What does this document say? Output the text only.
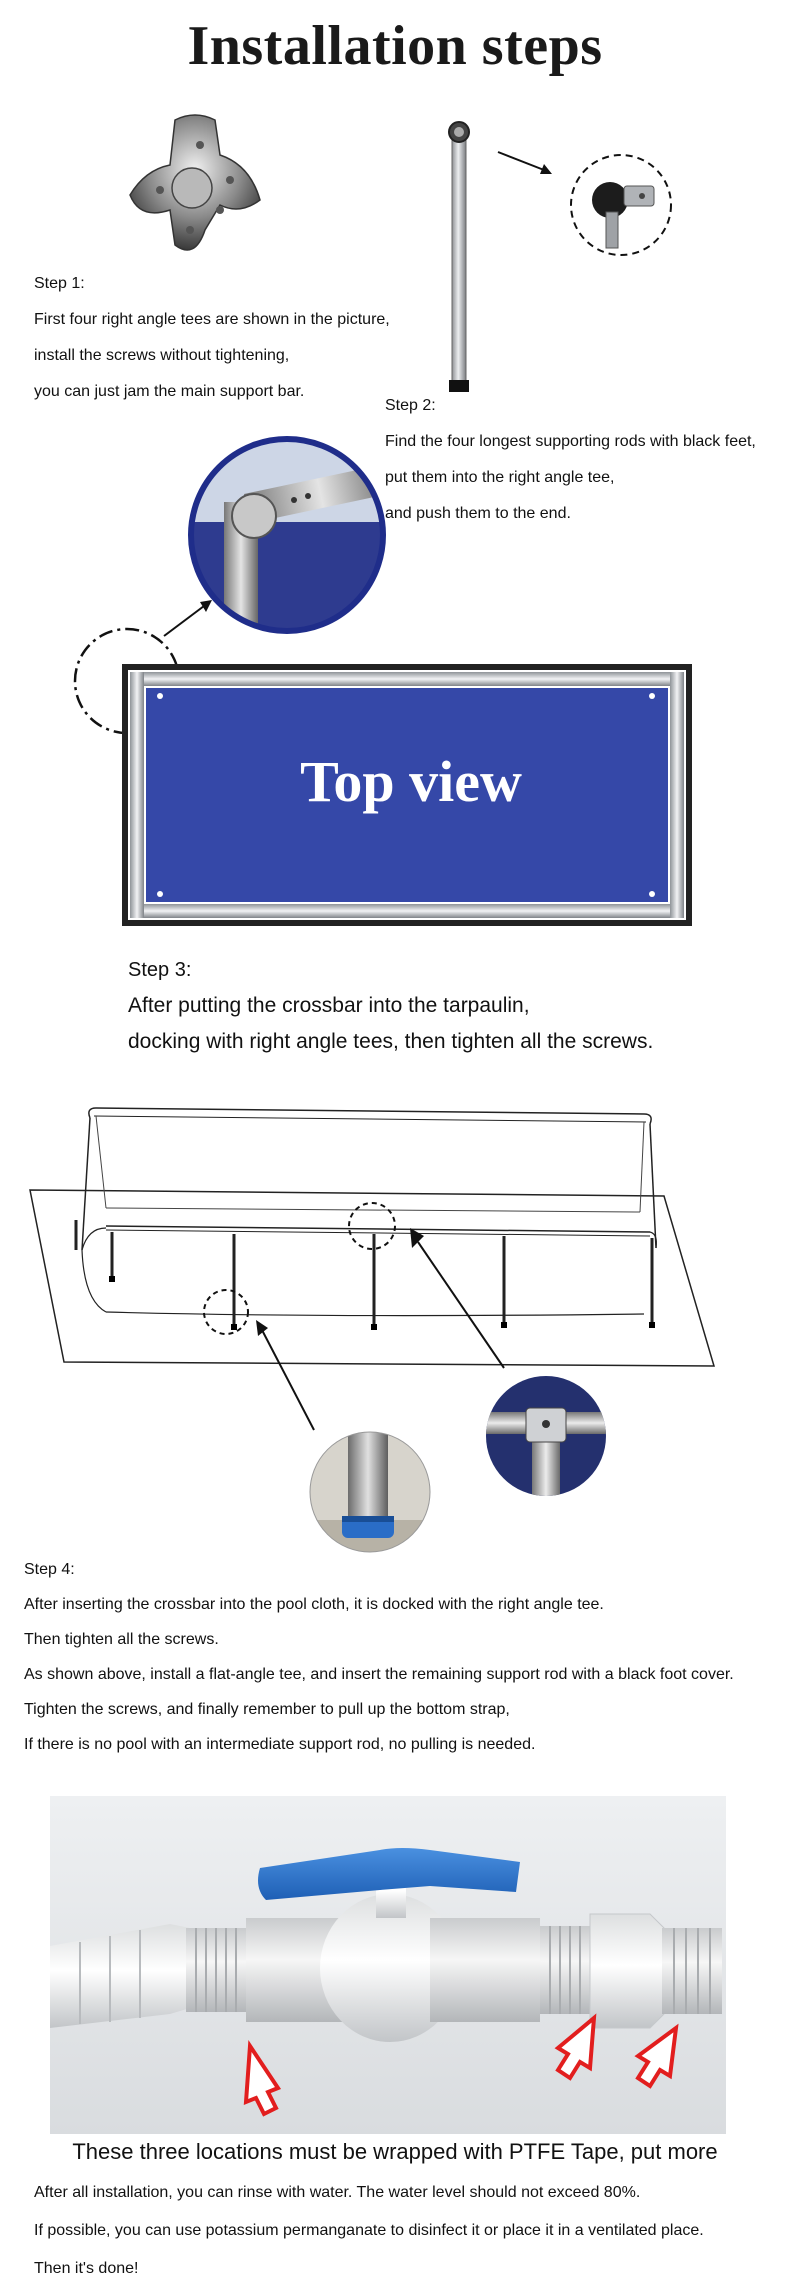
Installation steps
Step 1:
First four right angle tees are shown in the picture,
install the screws without tightening,
you can just jam the main support bar.
Step 2:
Find the four longest supporting rods with black feet,
put them into the right angle tee,
and push them to the end.
Top view
Step 3:
After putting the crossbar into the tarpaulin,
docking with right angle tees, then tighten all the screws.
Step 4:
After inserting the crossbar into the pool cloth, it is docked with the right angle tee.
Then tighten all the screws.
As shown above, install a flat-angle tee, and insert the remaining support rod with a black foot cover.
Tighten the screws, and finally remember to pull up the bottom strap,
If there is no pool with an intermediate support rod, no pulling is needed.
These three locations must be wrapped with PTFE Tape, put more
After all installation, you can rinse with water. The water level should not exceed 80%.
If possible, you can use potassium permanganate to disinfect it or place it in a ventilated place.
Then it's done!
